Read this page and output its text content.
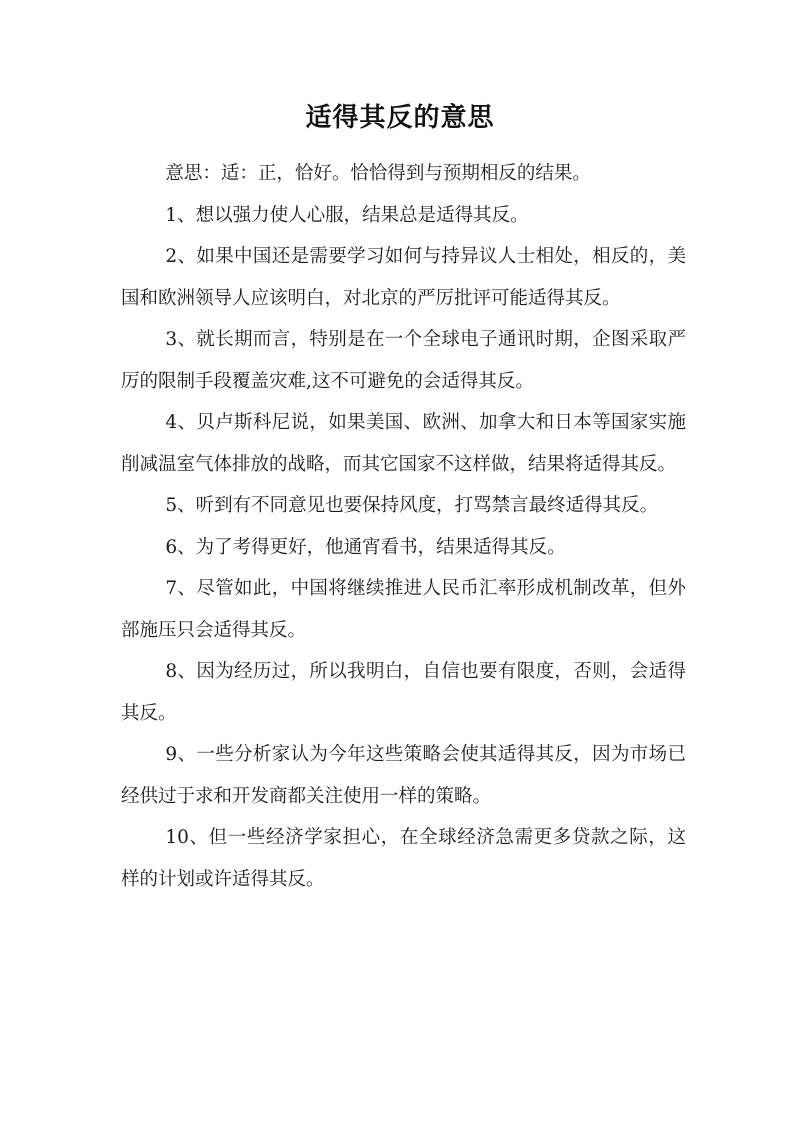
适得其反的意思

意思：适：正，恰好。恰恰得到与预期相反的结果。

1、想以强力使人心服，结果总是适得其反。

2、如果中国还是需要学习如何与持异议人士相处，相反的，美国和欧洲领导人应该明白，对北京的严厉批评可能适得其反。

3、就长期而言，特别是在一个全球电子通讯时期，企图采取严厉的限制手段覆盖灾难,这不可避免的会适得其反。

4、贝卢斯科尼说，如果美国、欧洲、加拿大和日本等国家实施削减温室气体排放的战略，而其它国家不这样做，结果将适得其反。

5、听到有不同意见也要保持风度，打骂禁言最终适得其反。

6、为了考得更好，他通宵看书，结果适得其反。

7、尽管如此，中国将继续推进人民币汇率形成机制改革，但外部施压只会适得其反。

8、因为经历过，所以我明白，自信也要有限度，否则，会适得其反。

9、一些分析家认为今年这些策略会使其适得其反，因为市场已经供过于求和开发商都关注使用一样的策略。

10、但一些经济学家担心，在全球经济急需更多贷款之际，这样的计划或许适得其反。
